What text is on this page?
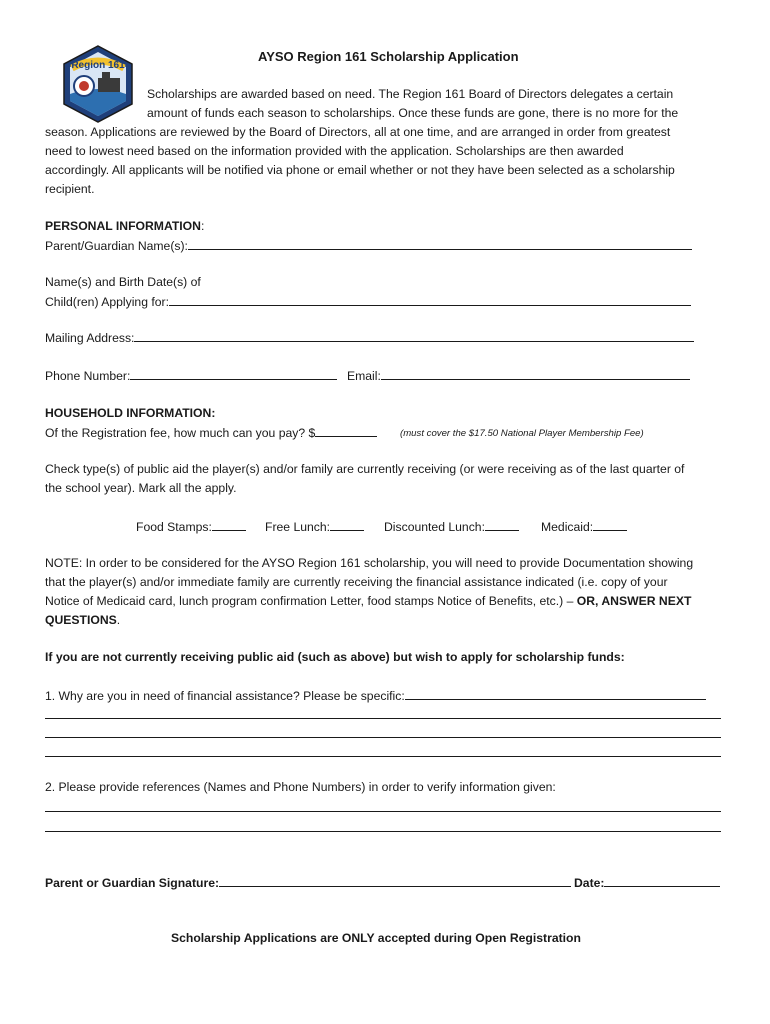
Region 161
AYSO Region 161 Scholarship Application
Scholarships are awarded based on need. The Region 161 Board of Directors delegates a certain
amount of funds each season to scholarships. Once these funds are gone, there is no more for the
season. Applications are reviewed by the Board of Directors, all at one time, and are arranged in order from greatest
need to lowest need based on the information provided with the application. Scholarships are then awarded
accordingly. All applicants will be notified via phone or email whether or not they have been selected as a scholarship
recipient.
PERSONAL INFORMATION:
Parent/Guardian Name(s):
Name(s) and Birth Date(s) of
Child(ren) Applying for:
Mailing Address:
Phone Number:	Email:
HOUSEHOLD INFORMATION:
Of the Registration fee, how much can you pay? $	(must cover the $17.50 National Player Membership Fee)
Check type(s) of public aid the player(s) and/or family are currently receiving (or were receiving as of the last quarter of
the school year). Mark all the apply.
Food Stamps:	Free Lunch:	Discounted Lunch:	Medicaid:
NOTE: In order to be considered for the AYSO Region 161 scholarship, you will need to provide Documentation showing
that the player(s) and/or immediate family are currently receiving the financial assistance indicated (i.e. copy of your
Notice of Medicaid card, lunch program confirmation Letter, food stamps Notice of Benefits, etc.) – OR, ANSWER NEXT
QUESTIONS.
If you are not currently receiving public aid (such as above) but wish to apply for scholarship funds:
1. Why are you in need of financial assistance? Please be specific:
2. Please provide references (Names and Phone Numbers) in order to verify information given:
Parent or Guardian Signature:	Date:
Scholarship Applications are ONLY accepted during Open Registration
